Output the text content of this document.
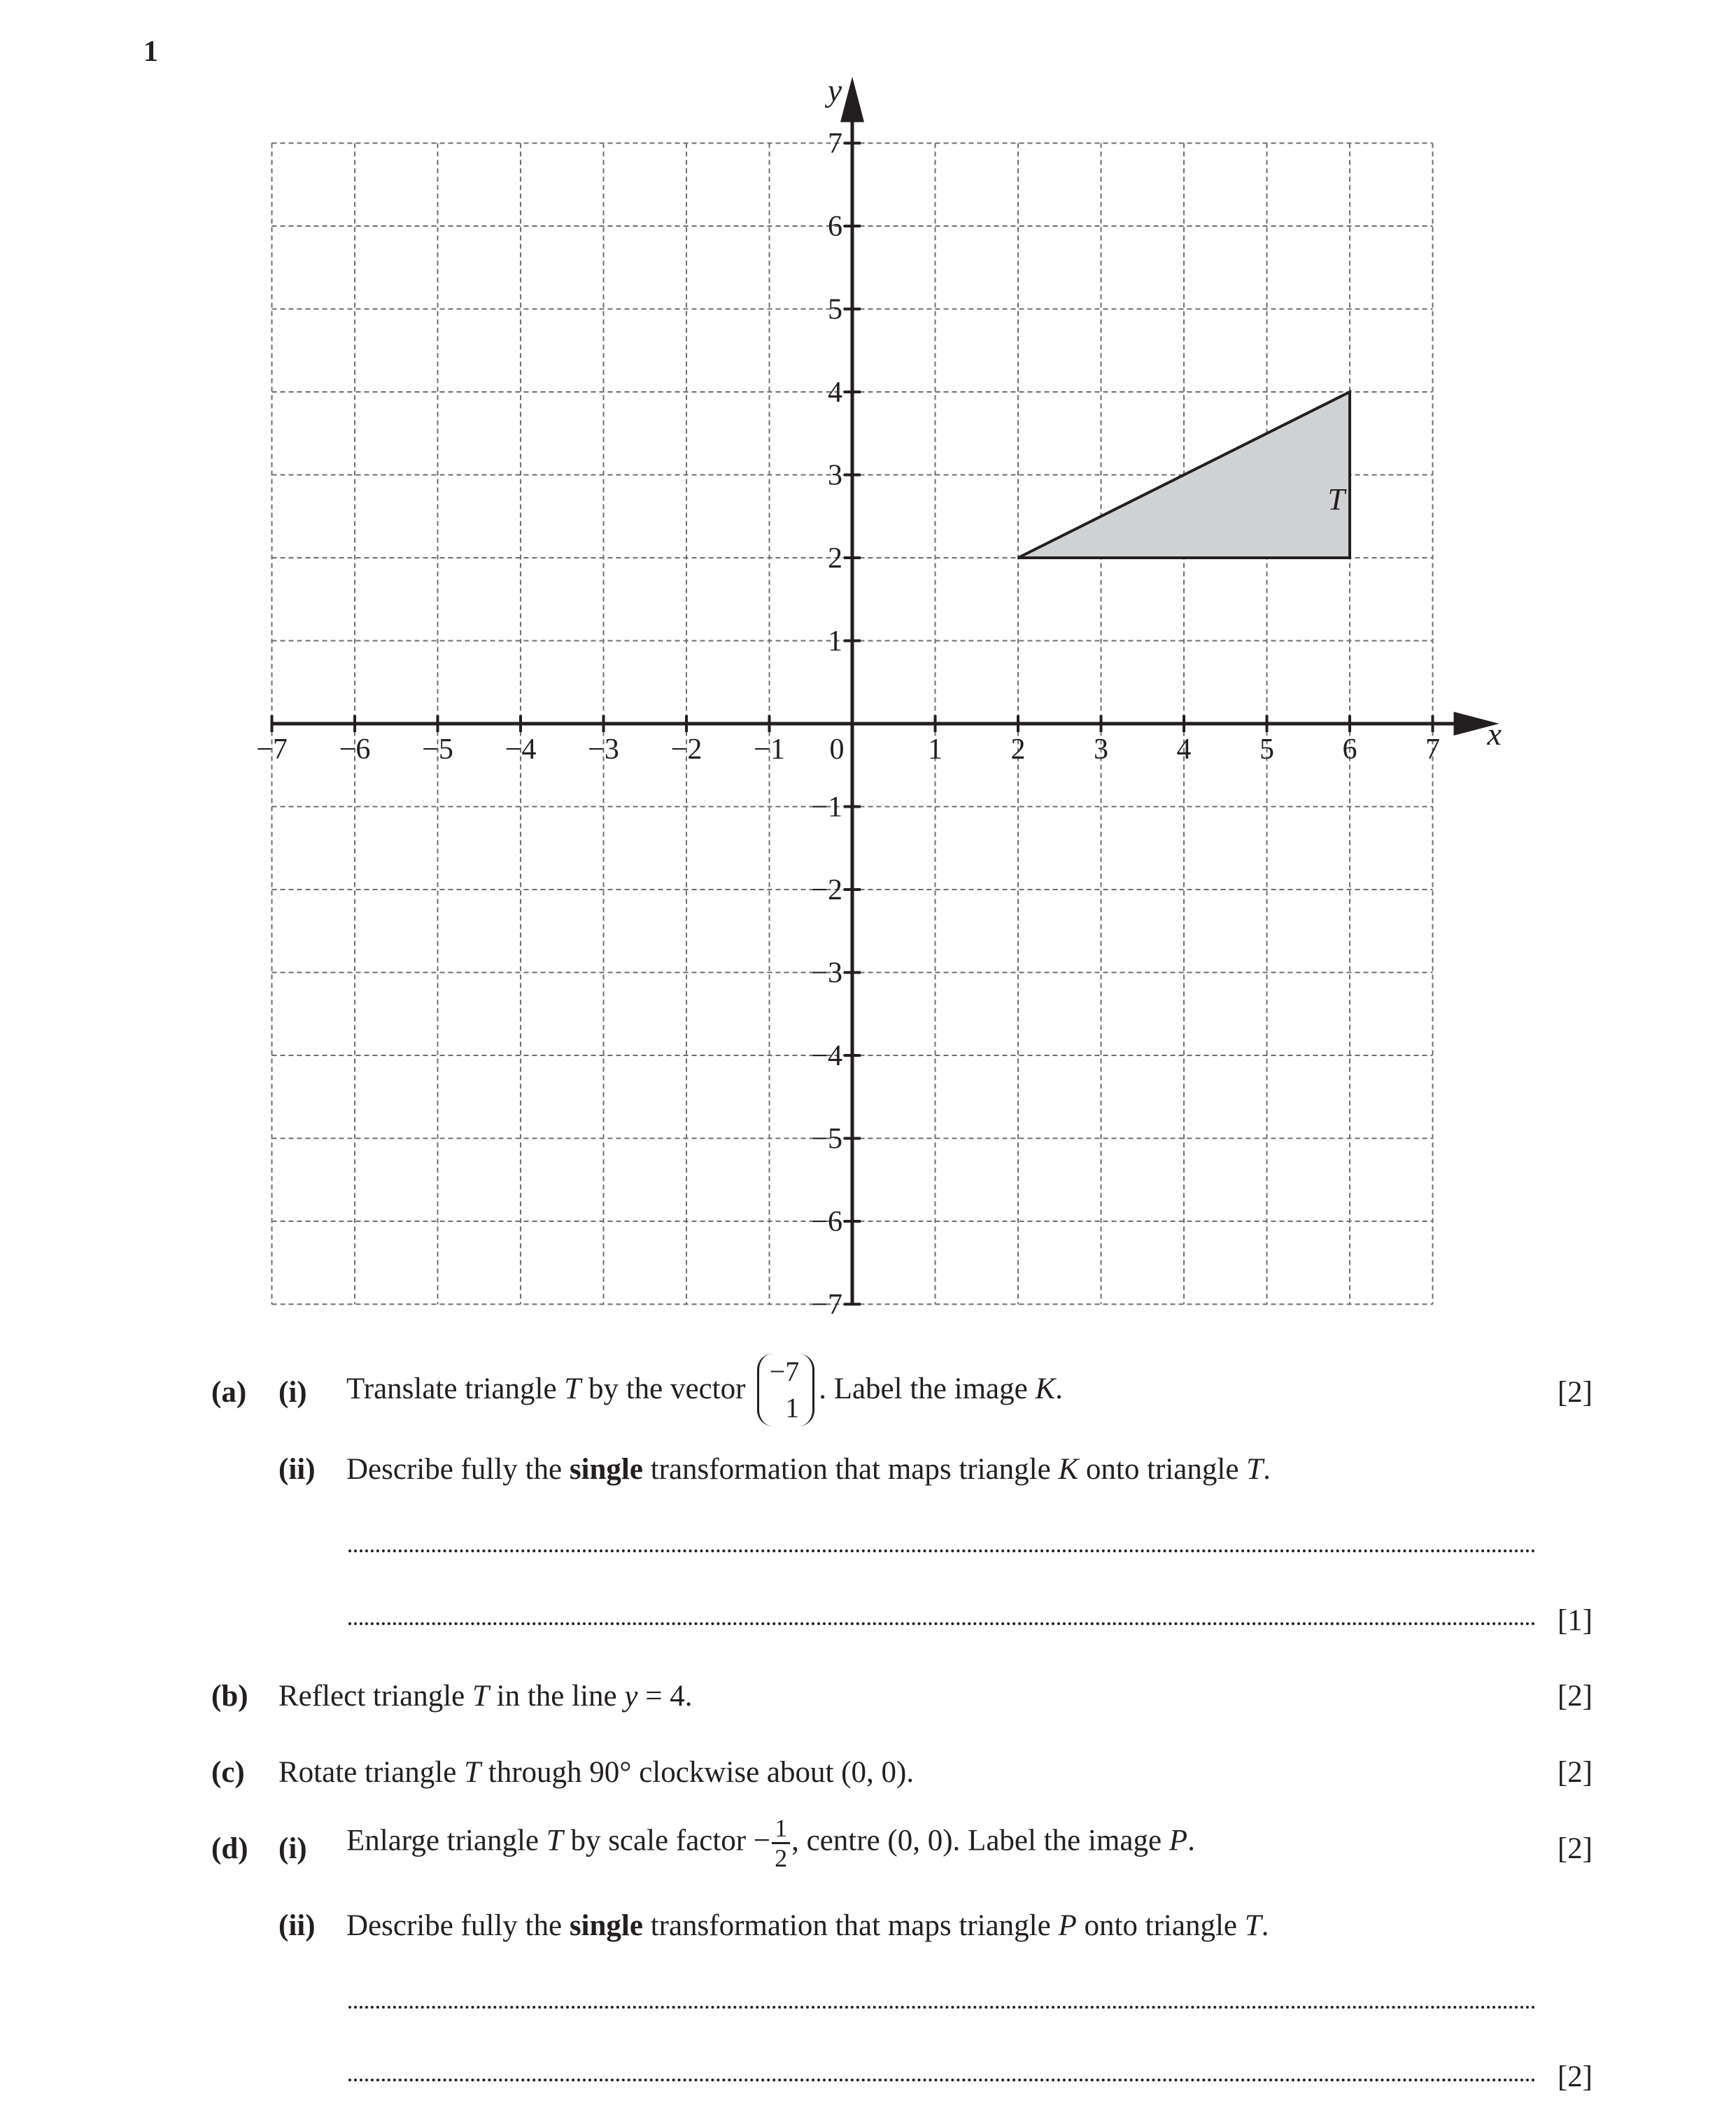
1
T
x
y
−7 −6 −5 −4 −3 −2 −1 0	1 2 3 4 5 6 7
7
6
5
4
3
2
1
−1
−2
−3
−4
−5
−6
−7
(a) (i) Translate triangle T by the vector
−7
1
. Label the image K.	[2]
(ii) Describe fully the single transformation that maps triangle K onto triangle T.
[1]
(b) Reflect triangle T in the line y = 4.	[2]
(c) Rotate triangle T through 90° clockwise about (0, 0).	[2]
(d) (i) Enlarge triangle T by scale factor − $\frac{1}{2}$ , centre (0, 0). Label the image P.	[2]
(ii) Describe fully the single transformation that maps triangle P onto triangle T.
[2]
